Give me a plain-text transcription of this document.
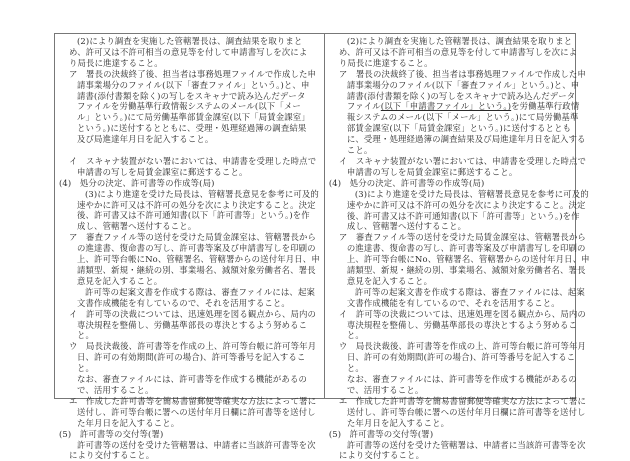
(2)により調査を実施した管轄署長は、調査結果を取りまと
め、許可又は不許可相当の意見等を付して申請書写しを次によ
り局長に進達すること。
ア　署長の決裁終了後、担当者は事務処理ファイルで作成した申
請事業場分のファイル(以下「審査ファイル」という。)と、申
請書(添付書類を除く)の写しをスキャナで読み込んだデータ
ファイルを労働基準行政情報システムのメール(以下「メー
ル」という。)にて局労働基準部賃金課室(以下「局賃金課室」
という。)に送付するとともに、受理・処理経過簿の調査結果
及び局進達年月日を記入すること。
イ　スキャナ装置がない署においては、申請書を受理した時点で
申請書の写しを局賃金課室に郵送すること。
(4)　処分の決定、許可書等の作成等(局)
(3)により進達を受けた局長は、管轄署長意見を参考に可及的
速やかに許可又は不許可の処分を次により決定すること。決定
後、許可書又は不許可通知書(以下「許可書等」という。)を作
成し、管轄署へ送付すること。
ア　審査ファイル等の送付を受けた局賃金課室は、管轄署長から
の進達書、復命書の写し、許可書等案及び申請書写しを印刷の
上、許可等台帳にNo、管轄署名、管轄署からの送付年月日、申
請類型、新規・継続の別、事業場名、減額対象労働者名、署長
意見を記入すること。
許可等の起案文書を作成する際は、審査ファイルには、起案
文書作成機能を有しているので、それを活用すること。
イ　許可等の決裁については、迅速処理を図る観点から、局内の
専決規程を整備し、労働基準部長の専決とするよう努めるこ
と。
ウ　局長決裁後、許可書等を作成の上、許可等台帳に許可等年月
日、許可の有効期間(許可の場合)、許可等番号を記入するこ
と。
なお、審査ファイルには、許可書等を作成する機能があるの
で、活用すること。
エ　作成した許可書等を簡易書留郵便等確実な方法によって署に
送付し、許可等台帳に署への送付年月日欄に許可書等を送付し
た年月日を記入すること。
(5)　許可書等の交付等(署)
許可書等の送付を受けた管轄署は、申請者に当該許可書等を次
により交付すること。
(2)により調査を実施した管轄署長は、調査結果を取りまと
め、許可又は不許可相当の意見等を付して申請書写しを次によ
り局長に進達すること。
ア　署長の決裁終了後、担当者は事務処理ファイルで作成した申
請事業場分のファイル(以下「審査ファイル」という。)と、申
請書(添付書類を除く)の写しをスキャナで読み込んだデータ
ファイル(以下「申請書ファイル」という。)を労働基準行政情
報システムのメール(以下「メール」という。)にて局労働基準
部賃金課室(以下「局賃金課室」という。)に送付するととも
に、受理・処理経過簿の調査結果及び局進達年月日を記入する
こと。
イ　スキャナ装置がない署においては、申請書を受理した時点で
申請書の写しを局賃金課室に郵送すること。
(4)　処分の決定、許可書等の作成等(局)
(3)により進達を受けた局長は、管轄署長意見を参考に可及的
速やかに許可又は不許可の処分を次により決定すること。決定
後、許可書又は不許可通知書(以下「許可書等」という。)を作
成し、管轄署へ送付すること。
ア　審査ファイル等の送付を受けた局賃金課室は、管轄署長から
の進達書、復命書の写し、許可書等案及び申請書写しを印刷の
上、許可等台帳にNo、管轄署名、管轄署からの送付年月日、申
請類型、新規・継続の別、事業場名、減額対象労働者名、署長
意見を記入すること。
許可等の起案文書を作成する際は、審査ファイルには、起案
文書作成機能を有しているので、それを活用すること。
イ　許可等の決裁については、迅速処理を図る観点から、局内の
専決規程を整備し、労働基準部長の専決とするよう努めるこ
と。
ウ　局長決裁後、許可書等を作成の上、許可等台帳に許可等年月
日、許可の有効期間(許可の場合)、許可等番号を記入するこ
と。
なお、審査ファイルには、許可書等を作成する機能があるの
で、活用すること。
エ　作成した許可書等を簡易書留郵便等確実な方法によって署に
送付し、許可等台帳に署への送付年月日欄に許可書等を送付し
た年月日を記入すること。
(5)　許可書等の交付等(署)
許可書等の送付を受けた管轄署は、申請者に当該許可書等を次
により交付すること。
